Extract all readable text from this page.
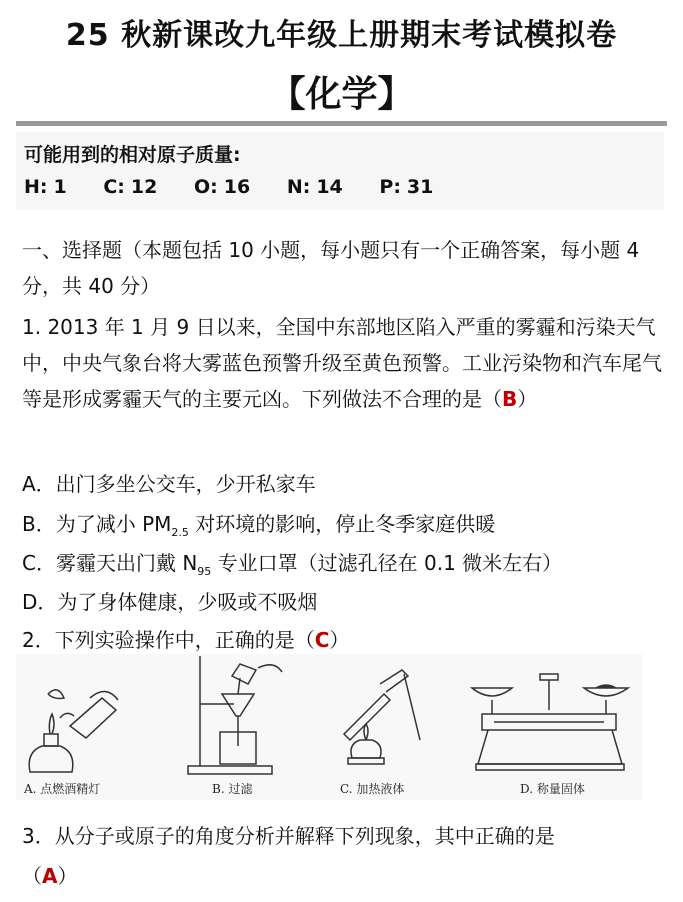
25 秋新课改九年级上册期末考试模拟卷
【化学】
可能用到的相对原子质量:
H: 1 C: 12 O: 16 N: 14 P: 31
一、选择题（本题包括 10 小题，每小题只有一个正确答案，每小题 4 分，共 40 分）
1. 2013 年 1 月 9 日以来，全国中东部地区陷入严重的雾霾和污染天气中，中央气象台将大雾蓝色预警升级至黄色预警。工业污染物和汽车尾气等是形成雾霾天气的主要元凶。下列做法不合理的是（B）
A．出门多坐公交车，少开私家车
B．为了减小 $PM_{2.5}$ 对环境的影响，停止冬季家庭供暖
C．雾霾天出门戴 $N_{95}$ 专业口罩（过滤孔径在 0.1 微米左右）
D．为了身体健康，少吸或不吸烟
2．下列实验操作中，正确的是（C）
A. 点燃酒精灯	B. 过滤	C. 加热液体	D. 称量固体
3．从分子或原子的角度分析并解释下列现象，其中正确的是
（A）
